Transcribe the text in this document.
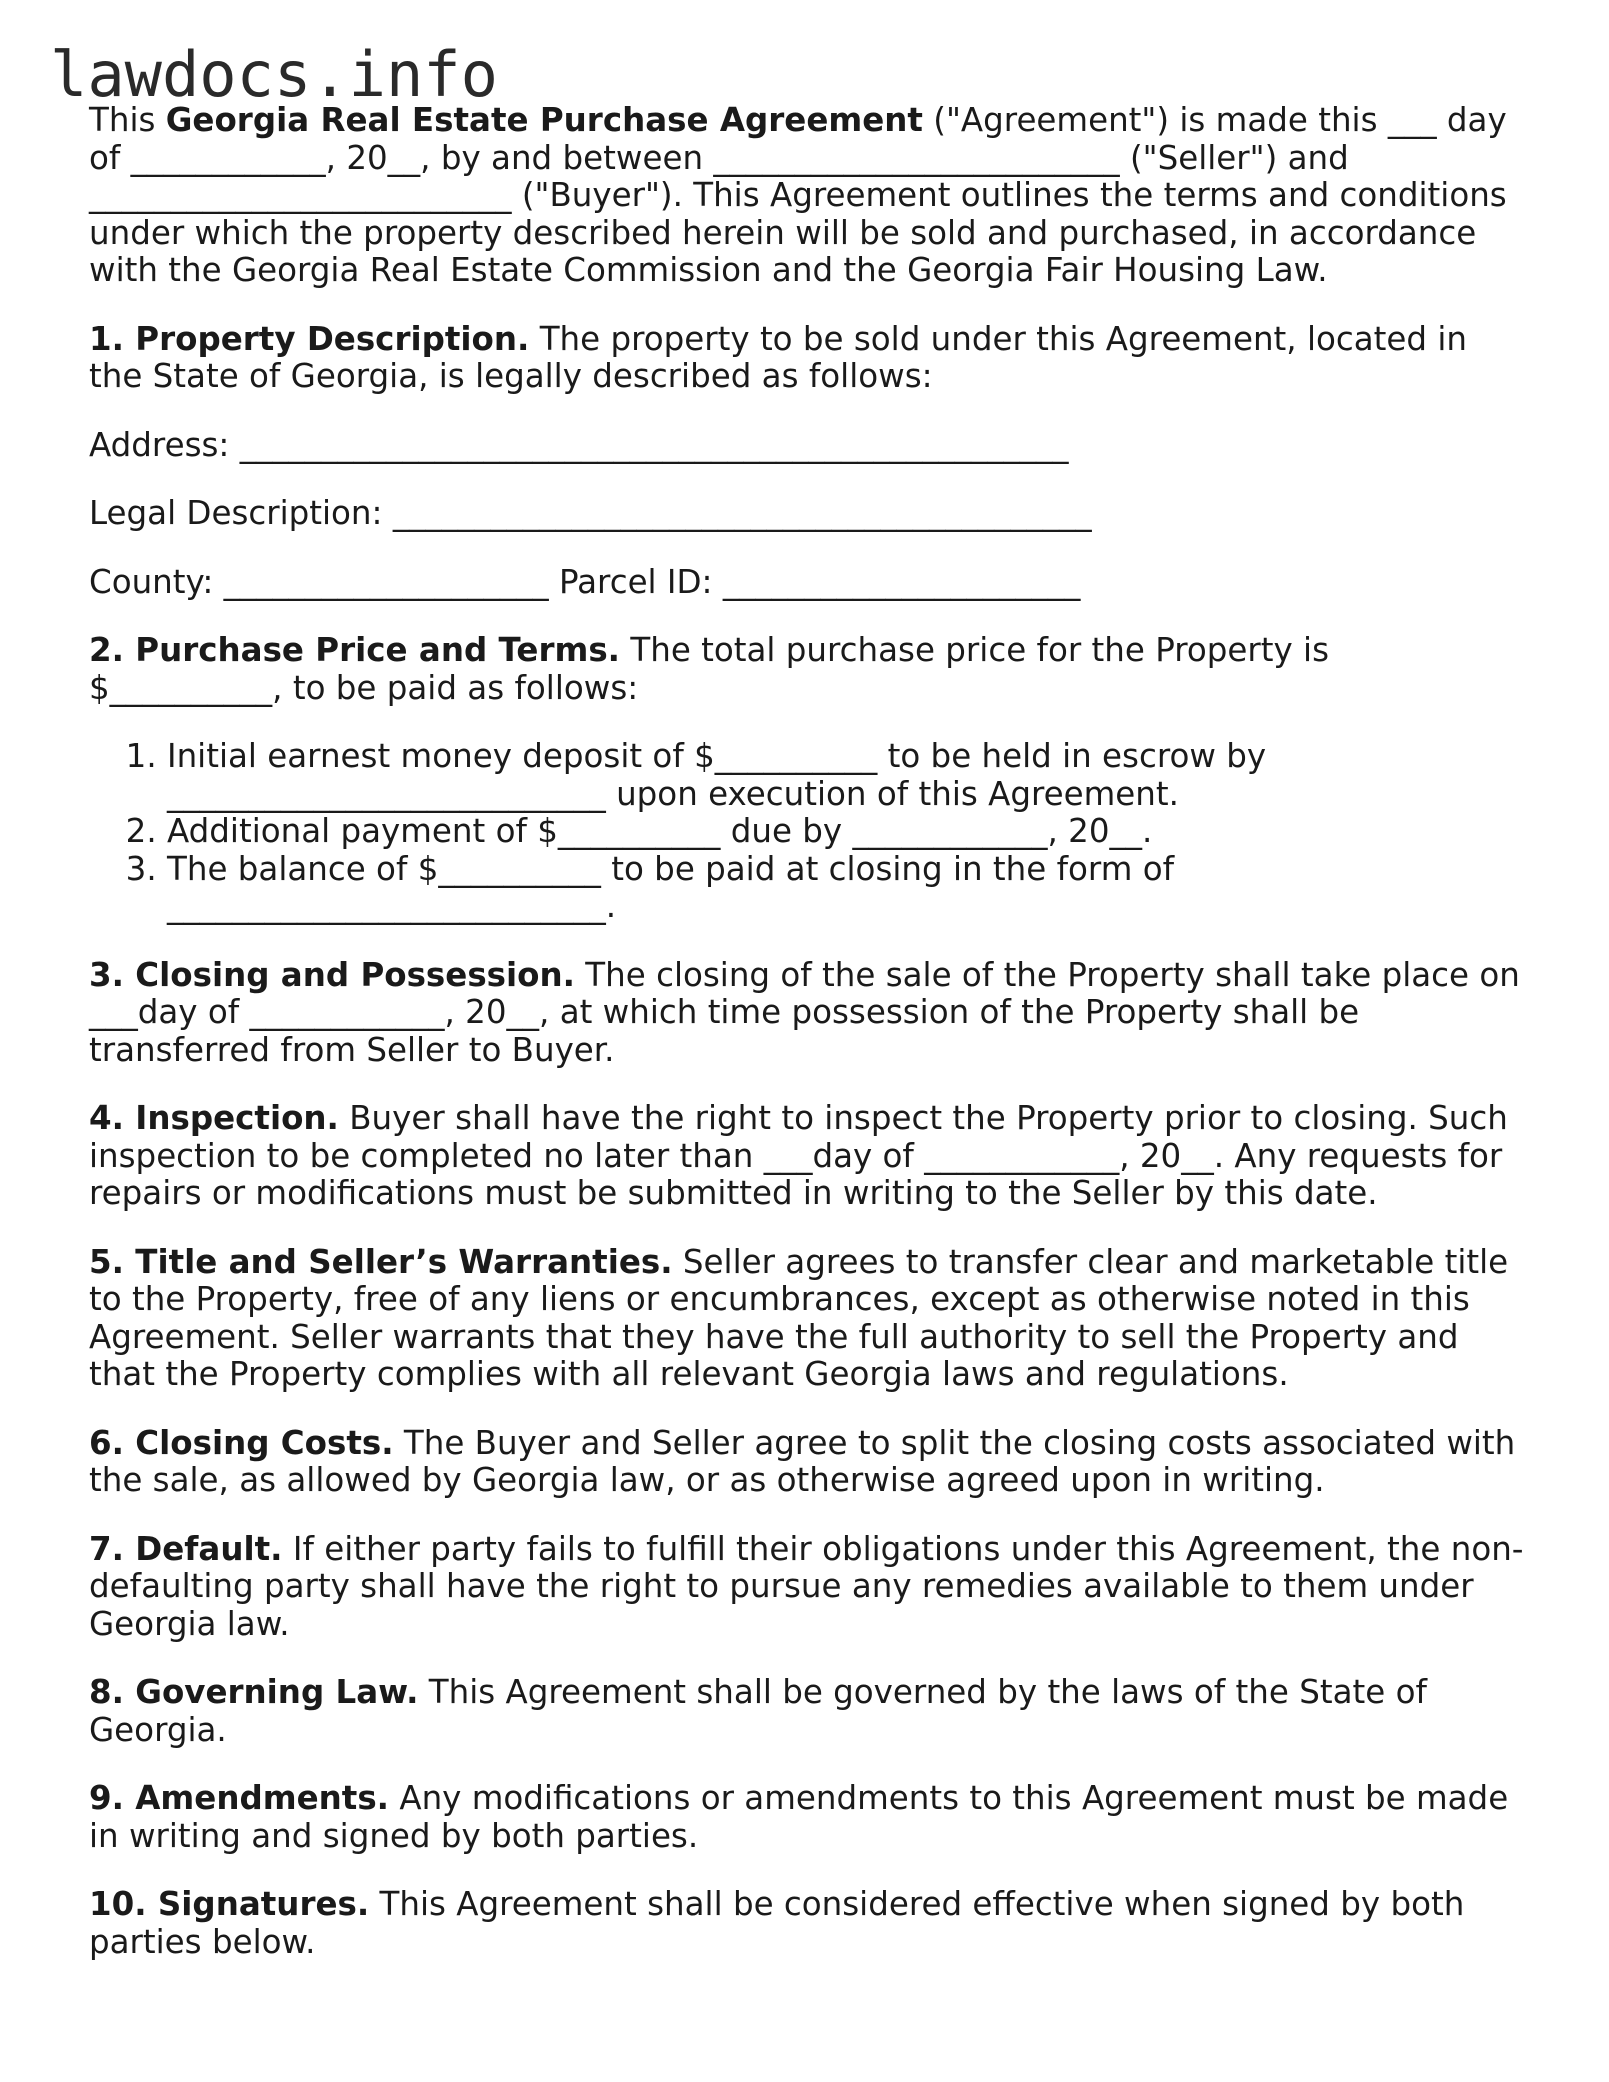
lawdocs.info

This Georgia Real Estate Purchase Agreement ("Agreement") is made this ___ day of ____________, 20__, by and between _________________________ ("Seller") and __________________________ ("Buyer"). This Agreement outlines the terms and conditions under which the property described herein will be sold and purchased, in accordance with the Georgia Real Estate Commission and the Georgia Fair Housing Law.

1. Property Description. The property to be sold under this Agreement, located in the State of Georgia, is legally described as follows:

Address: ___________________________________________________

Legal Description: ___________________________________________

County: ____________________ Parcel ID: ______________________

2. Purchase Price and Terms. The total purchase price for the Property is $__________, to be paid as follows:

1. Initial earnest money deposit of $__________ to be held in escrow by ___________________________ upon execution of this Agreement.
2. Additional payment of $__________ due by ____________, 20__.
3. The balance of $__________ to be paid at closing in the form of ___________________________.

3. Closing and Possession. The closing of the sale of the Property shall take place on ___day of ____________, 20__, at which time possession of the Property shall be transferred from Seller to Buyer.

4. Inspection. Buyer shall have the right to inspect the Property prior to closing. Such inspection to be completed no later than ___day of ____________, 20__. Any requests for repairs or modifications must be submitted in writing to the Seller by this date.

5. Title and Seller’s Warranties. Seller agrees to transfer clear and marketable title to the Property, free of any liens or encumbrances, except as otherwise noted in this Agreement. Seller warrants that they have the full authority to sell the Property and that the Property complies with all relevant Georgia laws and regulations.

6. Closing Costs. The Buyer and Seller agree to split the closing costs associated with the sale, as allowed by Georgia law, or as otherwise agreed upon in writing.

7. Default. If either party fails to fulfill their obligations under this Agreement, the non-defaulting party shall have the right to pursue any remedies available to them under Georgia law.

8. Governing Law. This Agreement shall be governed by the laws of the State of Georgia.

9. Amendments. Any modifications or amendments to this Agreement must be made in writing and signed by both parties.

10. Signatures. This Agreement shall be considered effective when signed by both parties below.
